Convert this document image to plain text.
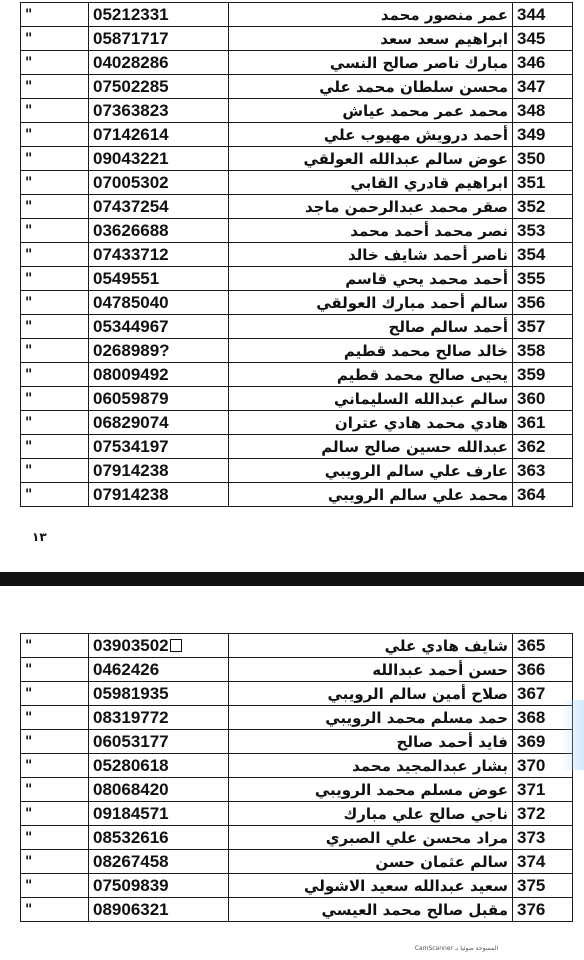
"	05212331	عمر منصور محمد	344
"	05871717	ابراهيم سعد سعد	345
"	04028286	مبارك ناصر صالح النسي	346
"	07502285	محسن سلطان محمد علي	347
"	07363823	محمد عمر محمد عياش	348
"	07142614	أحمد درويش مهيوب علي	349
"	09043221	عوض سالم عبدالله العولقي	350
"	07005302	ابراهيم قادري القابي	351
"	07437254	صقر محمد عبدالرحمن ماجد	352
"	03626688	نصر محمد أحمد محمد	353
"	07433712	ناصر أحمد شايف خالد	354
"	0549551	أحمد محمد يحي قاسم	355
"	04785040	سالم أحمد مبارك العولقي	356
"	05344967	أحمد سالم صالح	357
"	0268989?	خالد صالح محمد قطيم	358
"	08009492	يحيى صالح محمد قطيم	359
"	06059879	سالم عبدالله السليماني	360
"	06829074	هادي محمد هادي عتران	361
"	07534197	عبدالله حسين صالح سالم	362
"	07914238	عارف علي سالم الرويبي	363
"	07914238	محمد علي سالم الرويبي	364
١٣
"	03903502	شايف هادي علي	365
"	0462426	حسن أحمد عبدالله	366
"	05981935	صلاح أمين سالم الرويبي	367
"	08319772	حمد مسلم محمد الرويبي	368
"	06053177	فايد أحمد صالح	369
"	05280618	بشار عبدالمجيد محمد	370
"	08068420	عوض مسلم محمد الرويبي	371
"	09184571	ناجي صالح علي مبارك	372
"	08532616	مراد محسن علي الصبري	373
"	08267458	سالم عثمان حسن	374
"	07509839	سعيد عبدالله سعيد الاشولي	375
"	08906321	مقبل صالح محمد العيسي	376
المسوحة ضوئيا بـ CamScanner
